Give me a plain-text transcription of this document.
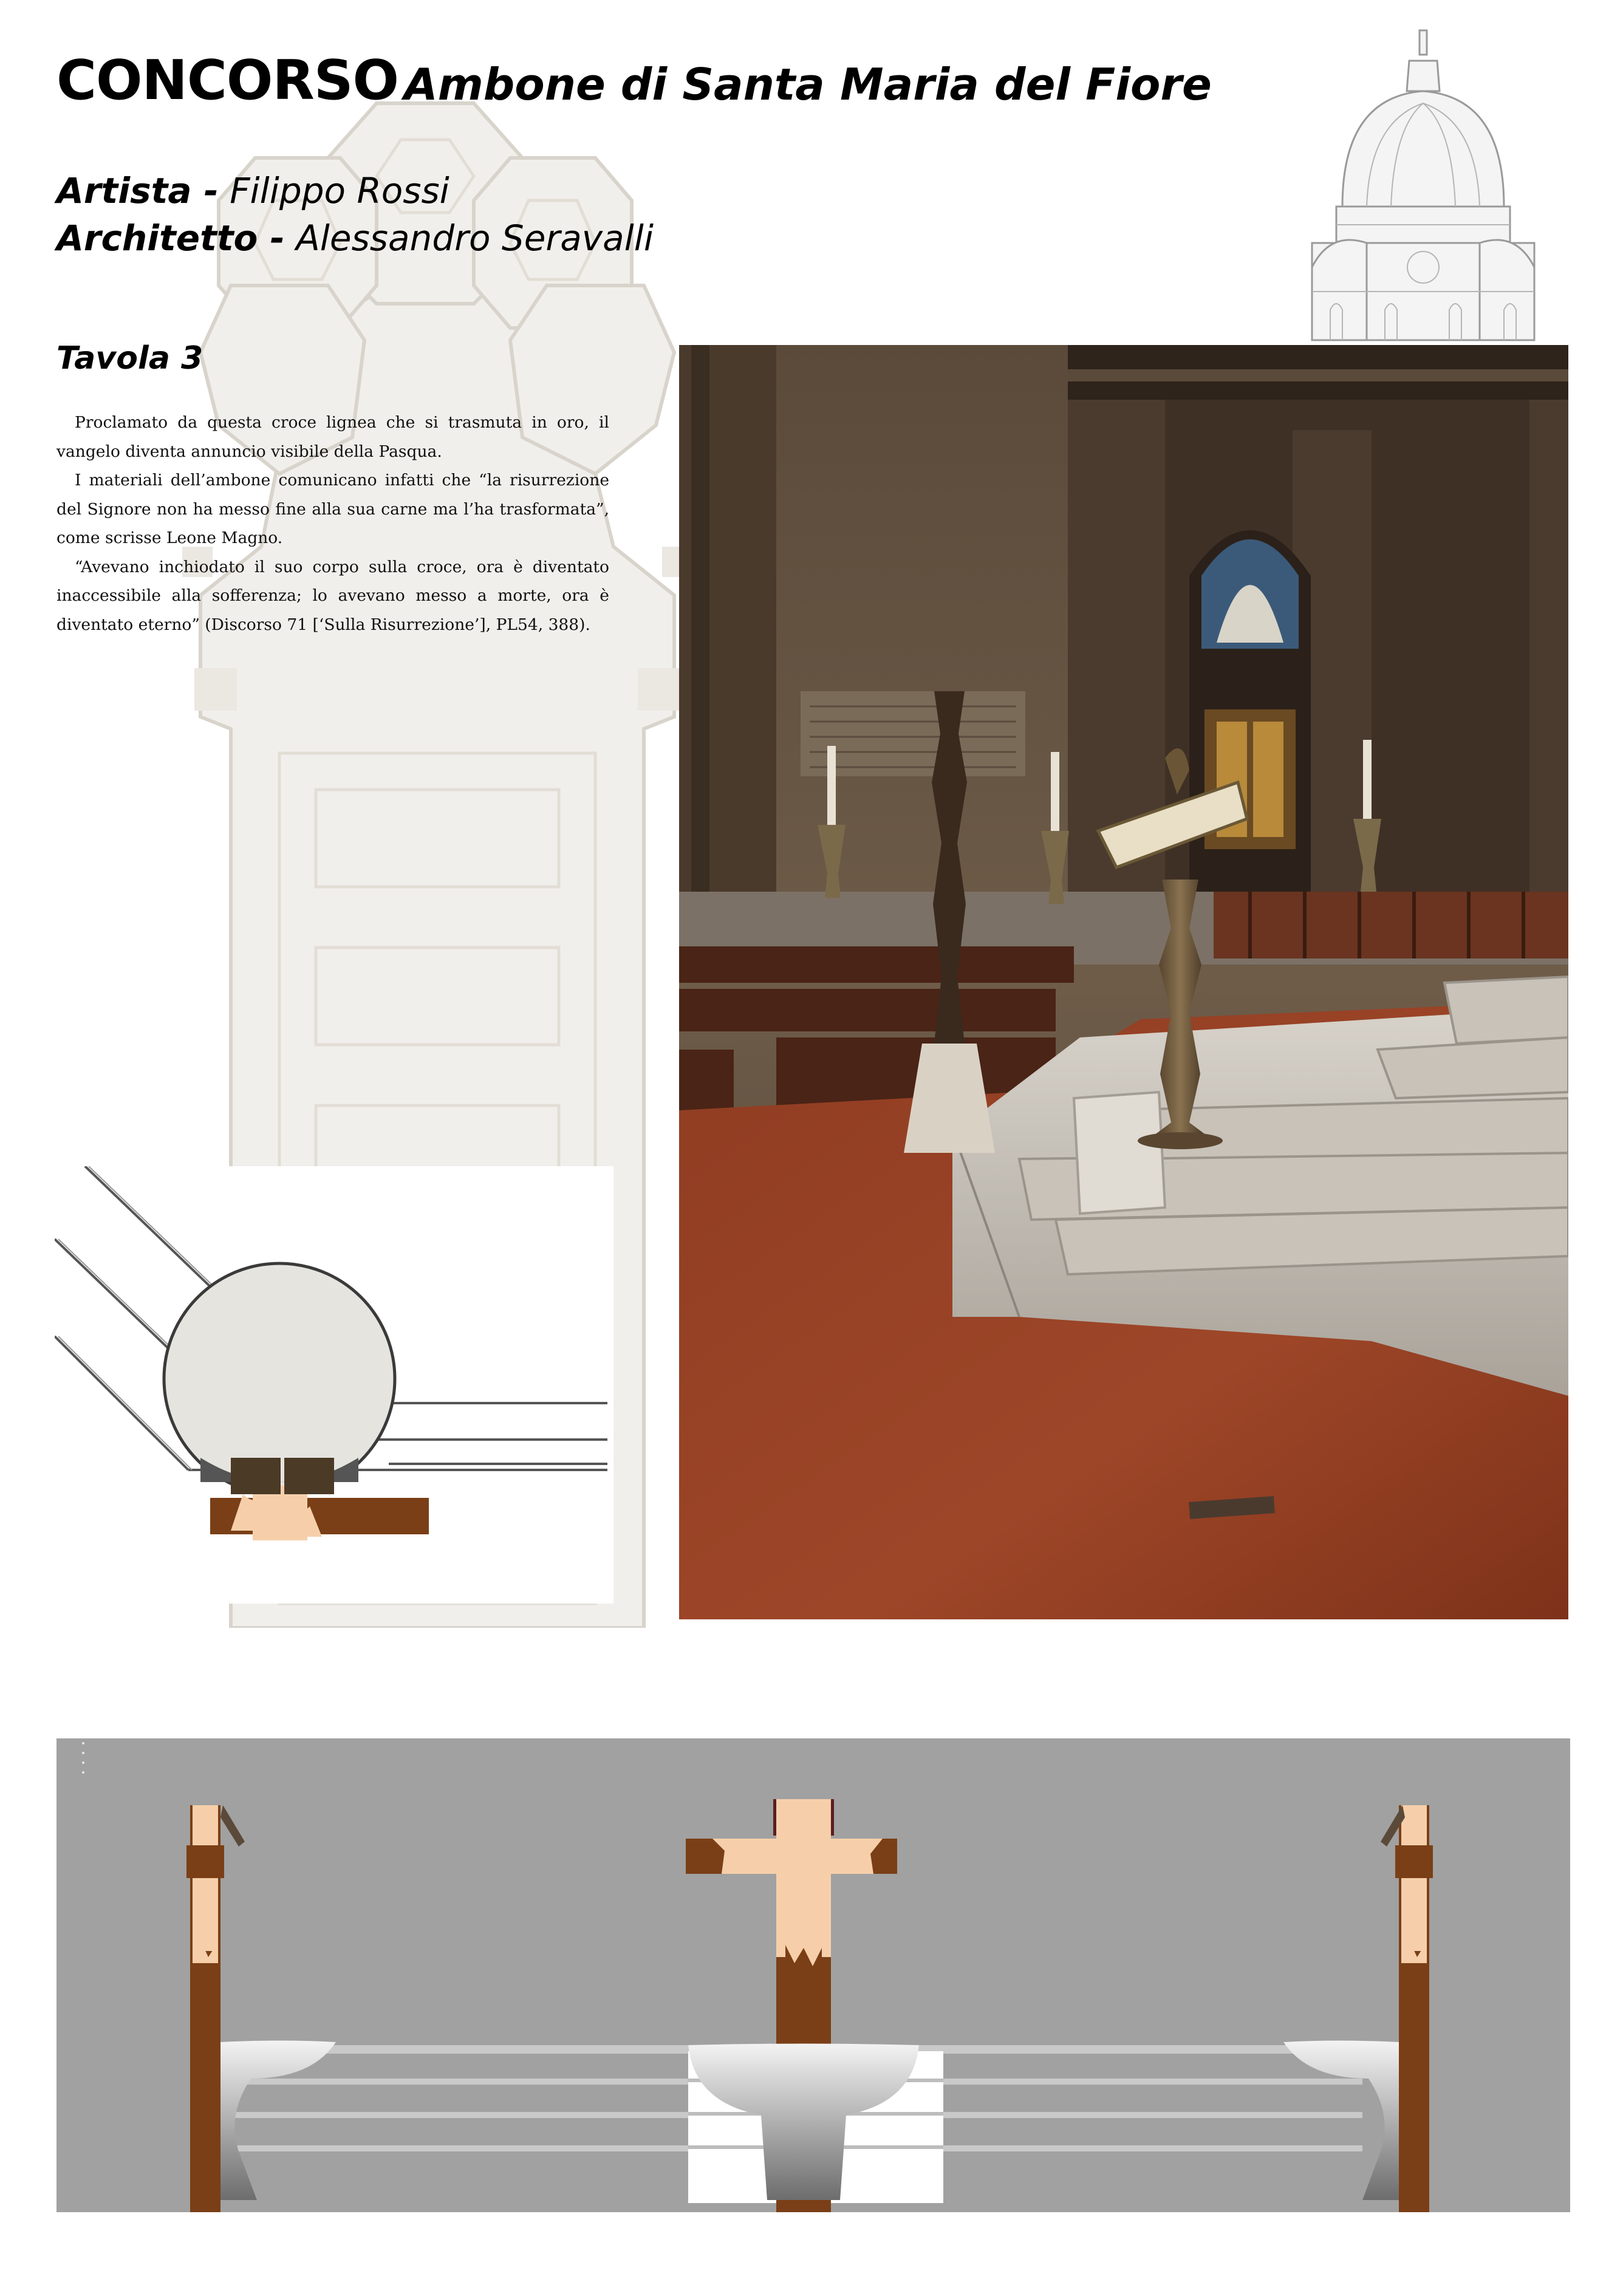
CONCORSO Ambone di Santa Maria del Fiore
Artista - Filippo Rossi
Architetto - Alessandro Seravalli
Tavola 3

Proclamato da questa croce lignea che si trasmuta in oro, il vangelo diventa annuncio visibile della Pasqua.

I materiali dell’ambone comunicano infatti che “la risurrezione del Signore non ha messo fine alla sua carne ma l’ha trasformata”, come scrisse Leone Magno.

“Avevano inchiodato il suo corpo sulla croce, ora è diventato inaccessibile alla sofferenza; lo avevano messo a morte, ora è diventato eterno” (Discorso 71 [‘Sulla Risurrezione’], PL54, 388).
